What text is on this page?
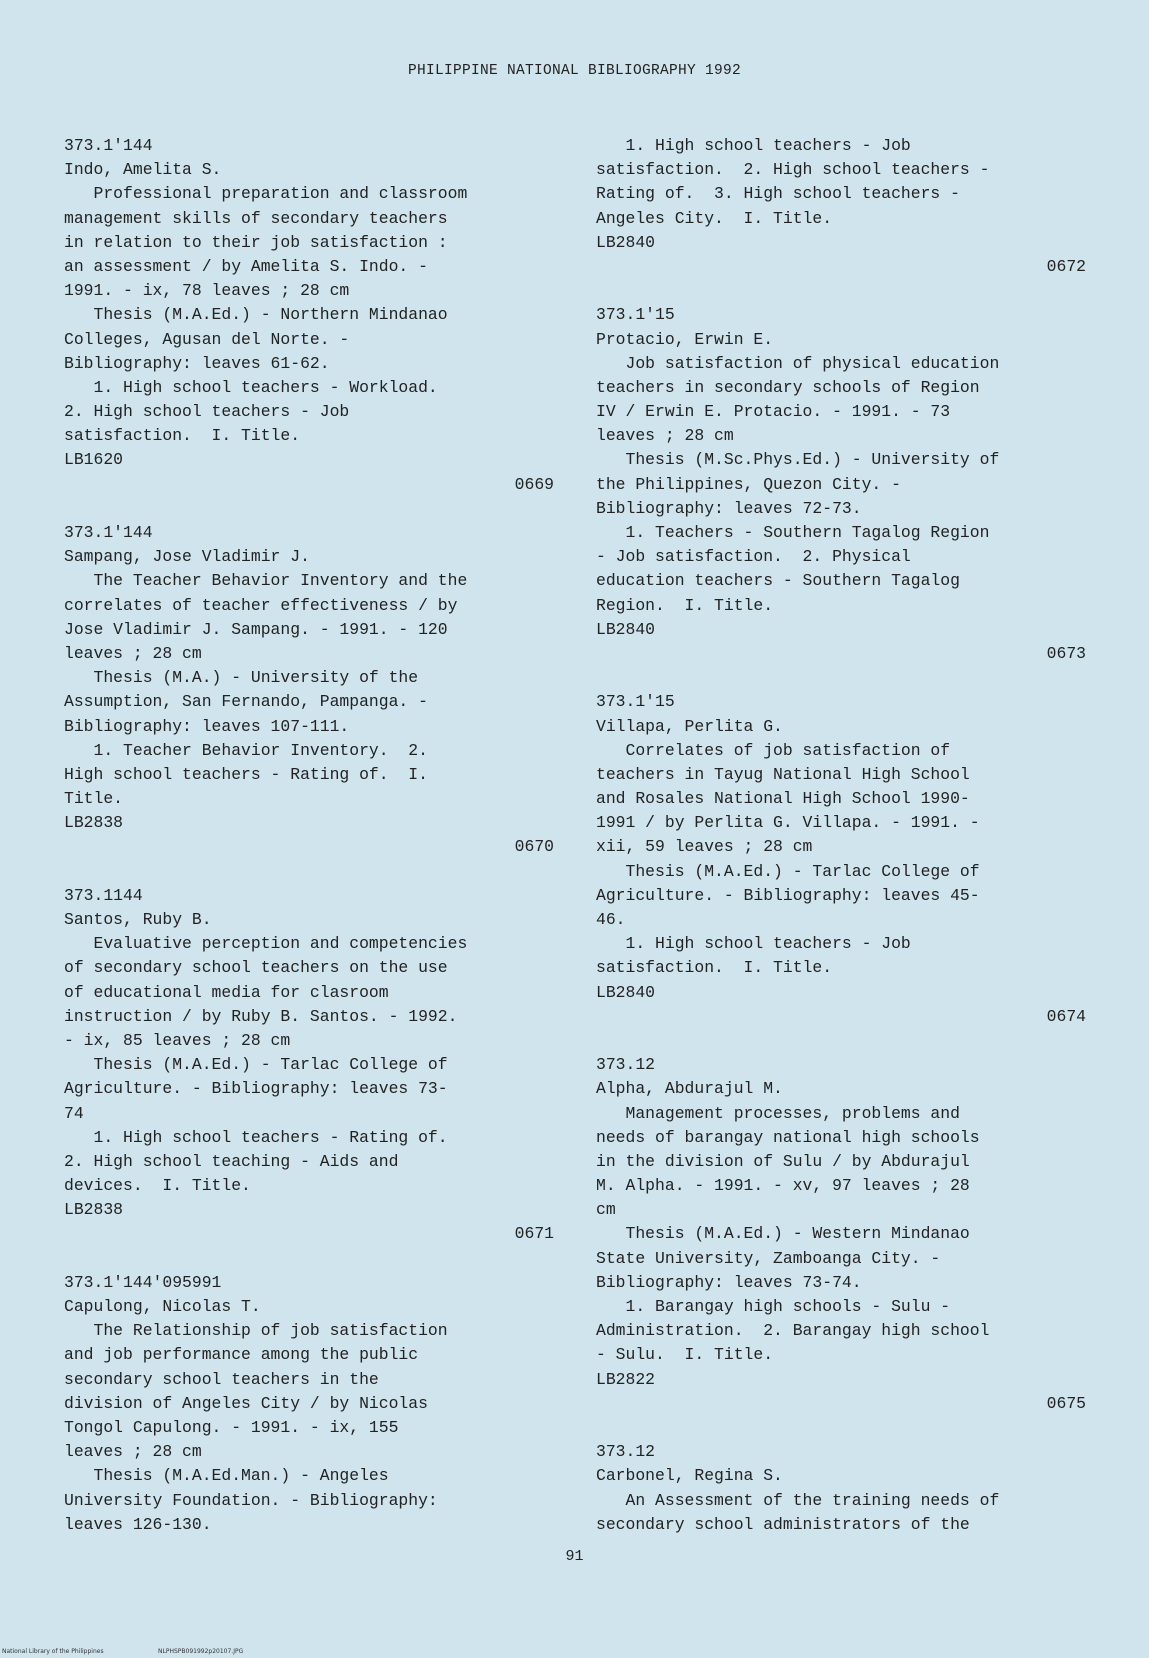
PHILIPPINE NATIONAL BIBLIOGRAPHY 1992
373.1'144
Indo, Amelita S.
Professional preparation and classroom
management skills of secondary teachers
in relation to their job satisfaction :
an assessment / by Amelita S. Indo. -
1991. - ix, 78 leaves ; 28 cm
Thesis (M.A.Ed.) - Northern Mindanao
Colleges, Agusan del Norte. -
Bibliography: leaves 61-62.
1. High school teachers - Workload.
2. High school teachers - Job
satisfaction.  I. Title.
LB1620
0669
373.1'144
Sampang, Jose Vladimir J.
The Teacher Behavior Inventory and the
correlates of teacher effectiveness / by
Jose Vladimir J. Sampang. - 1991. - 120
leaves ; 28 cm
Thesis (M.A.) - University of the
Assumption, San Fernando, Pampanga. -
Bibliography: leaves 107-111.
1. Teacher Behavior Inventory.  2.
High school teachers - Rating of.  I.
Title.
LB2838
0670
373.1144
Santos, Ruby B.
Evaluative perception and competencies
of secondary school teachers on the use
of educational media for clasroom
instruction / by Ruby B. Santos. - 1992.
- ix, 85 leaves ; 28 cm
Thesis (M.A.Ed.) - Tarlac College of
Agriculture. - Bibliography: leaves 73-
74
1. High school teachers - Rating of.
2. High school teaching - Aids and
devices.  I. Title.
LB2838
0671
373.1'144'095991
Capulong, Nicolas T.
The Relationship of job satisfaction
and job performance among the public
secondary school teachers in the
division of Angeles City / by Nicolas
Tongol Capulong. - 1991. - ix, 155
leaves ; 28 cm
Thesis (M.A.Ed.Man.) - Angeles
University Foundation. - Bibliography:
leaves 126-130.
1. High school teachers - Job
satisfaction.  2. High school teachers -
Rating of.  3. High school teachers -
Angeles City.  I. Title.
LB2840
0672
373.1'15
Protacio, Erwin E.
Job satisfaction of physical education
teachers in secondary schools of Region
IV / Erwin E. Protacio. - 1991. - 73
leaves ; 28 cm
Thesis (M.Sc.Phys.Ed.) - University of
the Philippines, Quezon City. -
Bibliography: leaves 72-73.
1. Teachers - Southern Tagalog Region
- Job satisfaction.  2. Physical
education teachers - Southern Tagalog
Region.  I. Title.
LB2840
0673
373.1'15
Villapa, Perlita G.
Correlates of job satisfaction of
teachers in Tayug National High School
and Rosales National High School 1990-
1991 / by Perlita G. Villapa. - 1991. -
xii, 59 leaves ; 28 cm
Thesis (M.A.Ed.) - Tarlac College of
Agriculture. - Bibliography: leaves 45-
46.
1. High school teachers - Job
satisfaction.  I. Title.
LB2840
0674
373.12
Alpha, Abdurajul M.
Management processes, problems and
needs of barangay national high schools
in the division of Sulu / by Abdurajul
M. Alpha. - 1991. - xv, 97 leaves ; 28
cm
Thesis (M.A.Ed.) - Western Mindanao
State University, Zamboanga City. -
Bibliography: leaves 73-74.
1. Barangay high schools - Sulu -
Administration.  2. Barangay high school
- Sulu.  I. Title.
LB2822
0675
373.12
Carbonel, Regina S.
An Assessment of the training needs of
secondary school administrators of the
91
National Library of the Philippines	NLPHSPB091992p20107.JPG
